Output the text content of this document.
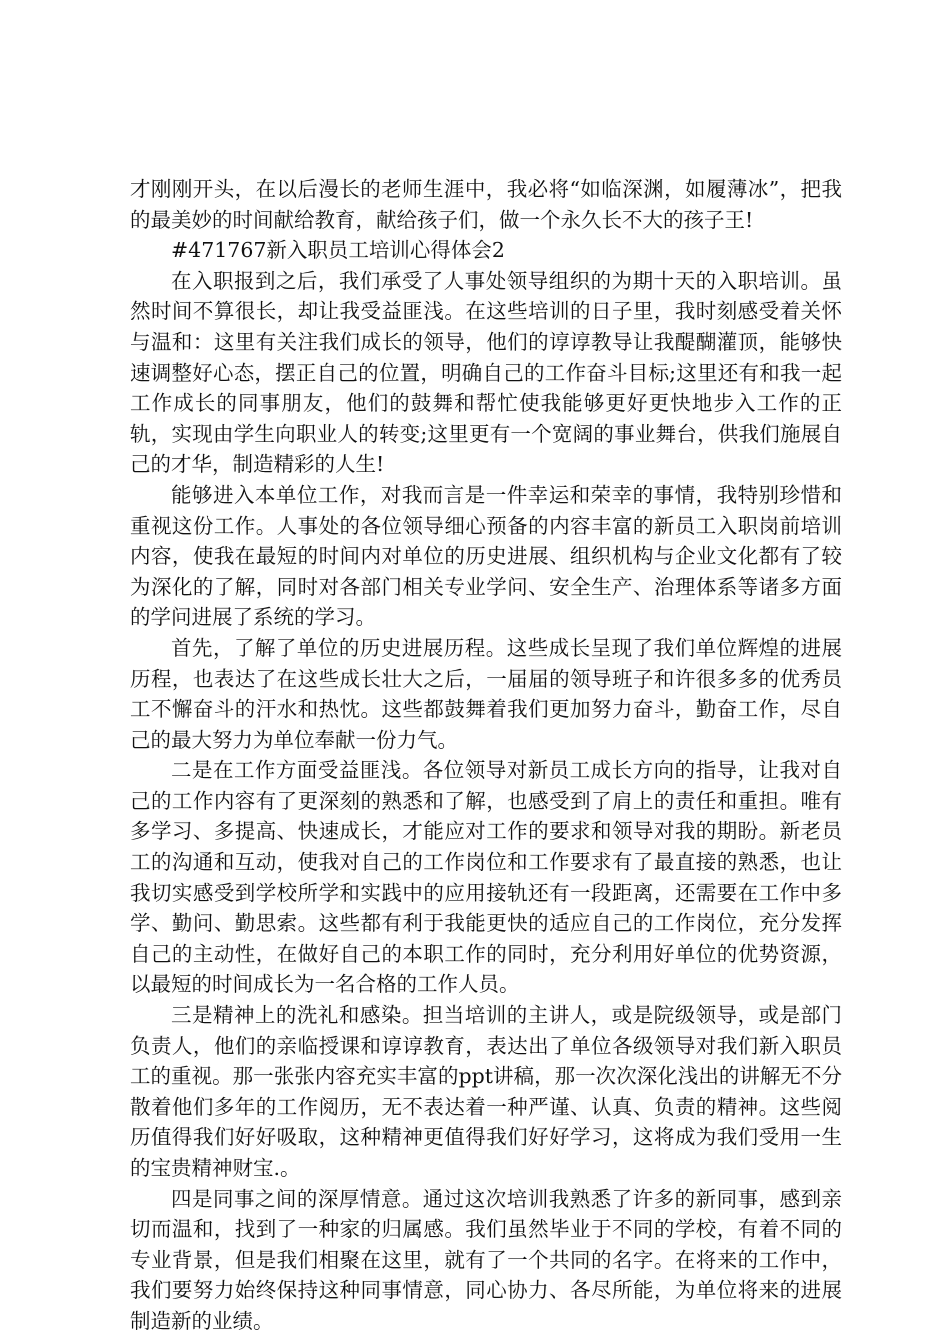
才刚刚开头，在以后漫长的老师生涯中，我必将“如临深渊，如履薄冰”，把我的最美妙的时间献给教育，献给孩子们，做一个永久长不大的孩子王!

#471767新入职员工培训心得体会2

在入职报到之后，我们承受了人事处领导组织的为期十天的入职培训。虽然时间不算很长，却让我受益匪浅。在这些培训的日子里，我时刻感受着关怀与温和：这里有关注我们成长的领导，他们的谆谆教导让我醍醐灌顶，能够快速调整好心态，摆正自己的位置，明确自己的工作奋斗目标;这里还有和我一起工作成长的同事朋友，他们的鼓舞和帮忙使我能够更好更快地步入工作的正轨，实现由学生向职业人的转变;这里更有一个宽阔的事业舞台，供我们施展自己的才华，制造精彩的人生!

能够进入本单位工作，对我而言是一件幸运和荣幸的事情，我特别珍惜和重视这份工作。人事处的各位领导细心预备的内容丰富的新员工入职岗前培训内容，使我在最短的时间内对单位的历史进展、组织机构与企业文化都有了较为深化的了解，同时对各部门相关专业学问、安全生产、治理体系等诸多方面的学问进展了系统的学习。

首先，了解了单位的历史进展历程。这些成长呈现了我们单位辉煌的进展历程，也表达了在这些成长壮大之后，一届届的领导班子和许很多多的优秀员工不懈奋斗的汗水和热忱。这些都鼓舞着我们更加努力奋斗，勤奋工作，尽自己的最大努力为单位奉献一份力气。

二是在工作方面受益匪浅。各位领导对新员工成长方向的指导，让我对自己的工作内容有了更深刻的熟悉和了解，也感受到了肩上的责任和重担。唯有多学习、多提高、快速成长，才能应对工作的要求和领导对我的期盼。新老员工的沟通和互动，使我对自己的工作岗位和工作要求有了最直接的熟悉，也让我切实感受到学校所学和实践中的应用接轨还有一段距离，还需要在工作中多学、勤问、勤思索。这些都有利于我能更快的适应自己的工作岗位，充分发挥自己的主动性，在做好自己的本职工作的同时，充分利用好单位的优势资源，以最短的时间成长为一名合格的工作人员。

三是精神上的洗礼和感染。担当培训的主讲人，或是院级领导，或是部门负责人，他们的亲临授课和谆谆教育，表达出了单位各级领导对我们新入职员工的重视。那一张张内容充实丰富的ppt讲稿，那一次次深化浅出的讲解无不分散着他们多年的工作阅历，无不表达着一种严谨、认真、负责的精神。这些阅历值得我们好好吸取，这种精神更值得我们好好学习，这将成为我们受用一生的宝贵精神财宝.。

四是同事之间的深厚情意。通过这次培训我熟悉了许多的新同事，感到亲切而温和，找到了一种家的归属感。我们虽然毕业于不同的学校，有着不同的专业背景，但是我们相聚在这里，就有了一个共同的名字。在将来的工作中，我们要努力始终保持这种同事情意，同心协力、各尽所能，为单位将来的进展制造新的业绩。
